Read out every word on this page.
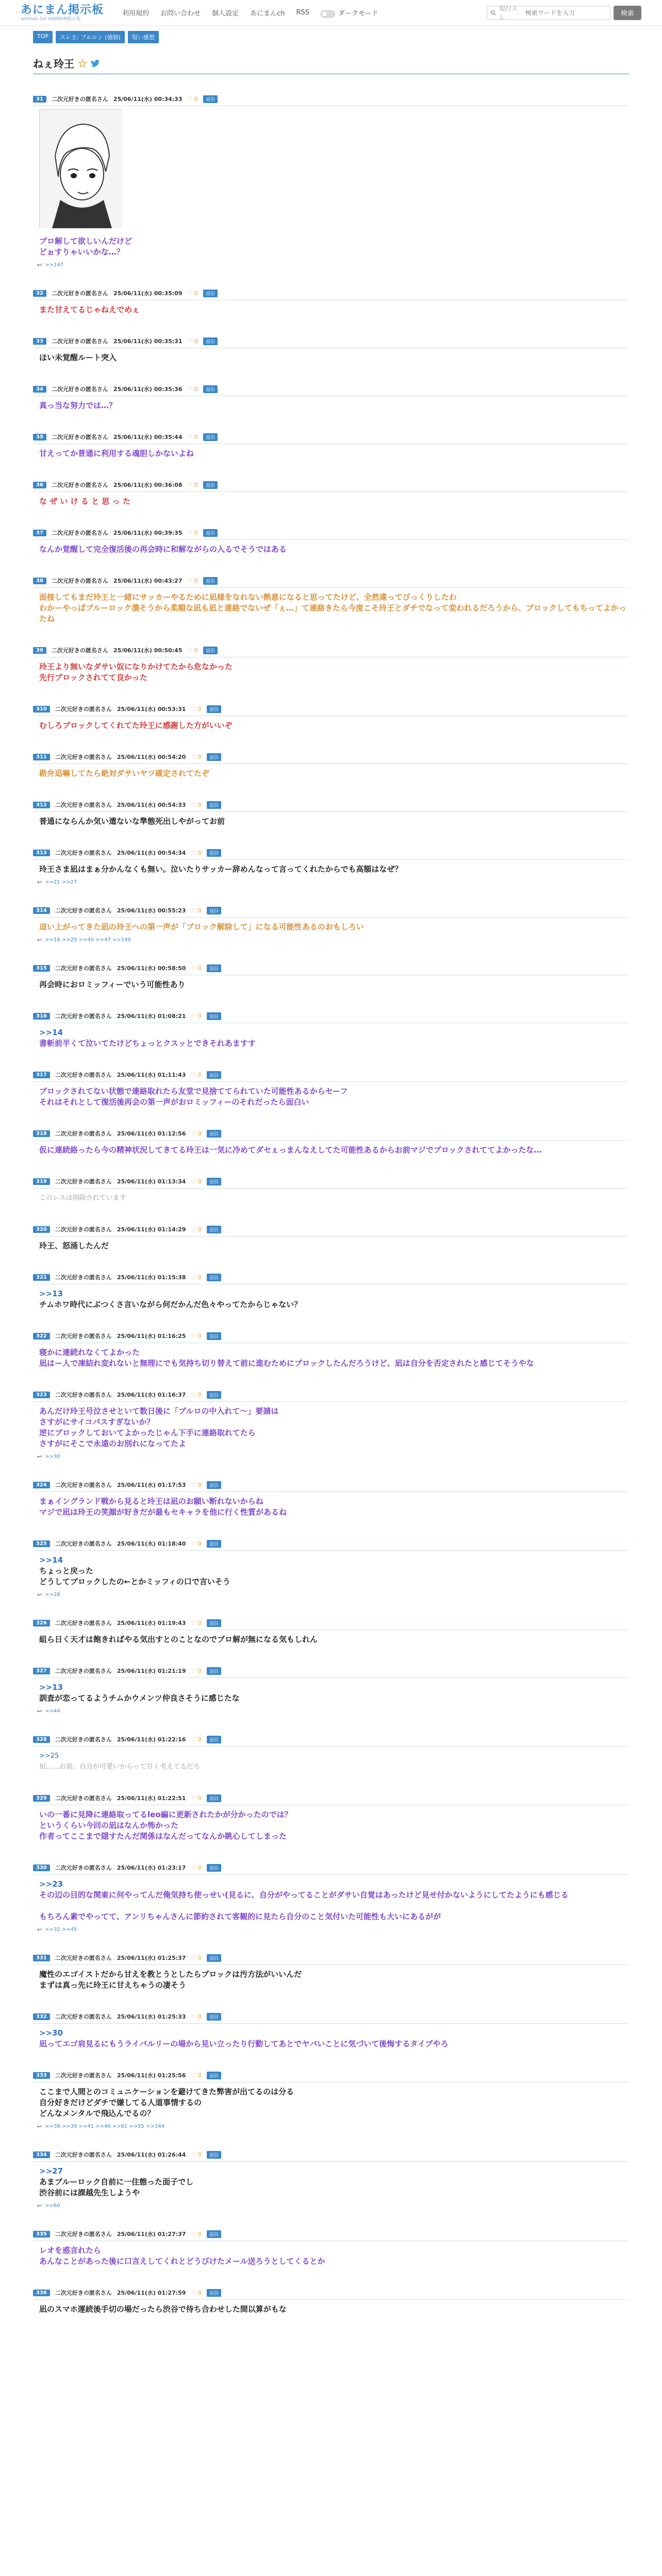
あにまん掲示板
animan.1st ANIMAN掲示板
利用規約 お問い合わせ 個人設定 あにまんch RSS	ダークモード
現行スレ
検索ワードを入力	検索
TOP	スレ主: ブルロン (強制)	短い感想
ねぇ玲王
31	二次元好きの匿名さん 25/06/11(水) 00:34:33 ♡ 0	返信
プロ解して欲しいんだけど
どぉすりゃいいかな…？
↩ >>147
32	二次元好きの匿名さん 25/06/11(水) 00:35:09 ♡ 0	返信
また甘えてるじゃねえでめぇ
33	二次元好きの匿名さん 25/06/11(水) 00:35:31 ♡ 0	返信
ほい未覚醒ルート突入
34	二次元好きの匿名さん 25/06/11(水) 00:35:36 ♡ 0	返信
真っ当な努力では…？
35	二次元好きの匿名さん 25/06/11(水) 00:35:44 ♡ 0	返信
甘えってか普通に利用する魂胆しかないよね
36	二次元好きの匿名さん 25/06/11(水) 00:36:08 ♡ 0	返信
な ぜ い け る と 思 っ た
37	二次元好きの匿名さん 25/06/11(水) 00:39:35 ♡ 0	返信
なんか覚醒して完全復活後の再会時に和解ながらの入るでそうではある
38	二次元好きの匿名さん 25/06/11(水) 00:43:27 ♡ 0	返信
面接してもまだ玲王と一緒にサッカーやるために凪様をなれない熱意になると思ってたけど、全然違ってびっくりしたわ
わかーやっぱブルーロック潰そうから柔順な凪も凪と連絡でないぜ「ぇ…」て連絡きたら今度こそ玲王とダチでなって変われるだろうから、ブロックしてもちってよかったね
39	二次元好きの匿名さん 25/06/11(水) 00:50:45 ♡ 0	返信
玲王より無いなダサい奴になりかけてたから危なかった
先行ブロックされてて良かった
310	二次元好きの匿名さん 25/06/11(水) 00:53:31 ♡ 0	返信
むしろブロックしてくれてた玲王に感謝した方がいいぞ
311	二次元好きの匿名さん 25/06/11(水) 00:54:20 ♡ 0	返信
勘弁追嘛してたら絶対ダサいヤツ確定されてたぞ
312	二次元好きの匿名さん 25/06/11(水) 00:54:33 ♡ 0	返信
普通にならんか気い遣ないな準態死出しやがってお前
313	二次元好きの匿名さん 25/06/11(水) 00:54:34 ♡ 0	返信
玲王さま凪はまぁ分かんなくも無い。泣いたりサッカー辞めんなって言ってくれたからでも高額はなぜ？
↩ >>21 >>27
314	二次元好きの匿名さん 25/06/11(水) 00:55:23 ♡ 0	返信
這い上がってきた凪の玲王への第一声が「ブロック解除して」になる可能性あるのおもしろい
↩ >>16 >>25 >>40 >>47 >>149
315	二次元好きの匿名さん 25/06/11(水) 00:58:50 ♡ 0	返信
再会時におロミッフィーでいう可能性あり
316	二次元好きの匿名さん 25/06/11(水) 01:08:21 ♡ 0	返信
>>14
書斬前半くて泣いてたけどちょっとクスッとできそれあますす
317	二次元好きの匿名さん 25/06/11(水) 01:11:43 ♡ 0	返信
ブロックされてない状態で連絡取れたら友堂で見捨ててられていた可能性あるからセーフ
それはそれとして復活後再会の第一声がおロミッフィーのそれだったら面白い
318	二次元好きの匿名さん 25/06/11(水) 01:12:56 ♡ 0	返信
仮に連続絡ったら今の精神状況してきてる玲王は一気に冷めてダセぇっまんなえしてた可能性あるからお前マジでブロックされててよかったな…
319	二次元好きの匿名さん 25/06/11(水) 01:13:34 ♡ 0	返信
このレスは削除されています
320	二次元好きの匿名さん 25/06/11(水) 01:14:29 ♡ 0	返信
玲王、怒涌したんだ
321	二次元好きの匿名さん 25/06/11(水) 01:15:38 ♡ 0	返信
>>13
チムホワ時代にぶつくさ言いながら何だかんだ色々やってたからじゃない？
322	二次元好きの匿名さん 25/06/11(水) 01:16:25 ♡ 0	返信
寝かに連続れなくてよかった
凪はー人で凍結れ変れないと無理にでも気持ち切り替えて前に進むためにブロックしたんだろうけど、凪は自分を否定されたと感じてそうやな
323	二次元好きの匿名さん 25/06/11(水) 01:16:37 ♡ 0	返信
あんだけ玲王号泣させといて数日後に「ブルロの中入れて～」要請は
さすがにサイコパスすぎないか？
逆にブロックしておいてよかったじゃん下手に連絡取れてたら
さすがにそこで永遠のお別れになってたよ
↩ >>30
324	二次元好きの匿名さん 25/06/11(水) 01:17:53 ♡ 0	返信
まぁイングランド戦から見ると玲王は凪のお願い断れないからね
マジで凪は玲王の笑顔が好きだが最もセキャラを他に行く性質があるね
325	二次元好きの匿名さん 25/06/11(水) 01:18:40 ♡ 0	返信
>>14
ちょっと戻った
どうしてブロックしたの←とかミッフィの口で言いそう
↩ >>28
326	二次元好きの匿名さん 25/06/11(水) 01:19:43 ♡ 0	返信
組ら日く天才は飽きればやる気出すとのことなのでブロ解が無になる気もしれん
327	二次元好きの匿名さん 25/06/11(水) 01:21:19 ♡ 0	返信
>>13
訓査が恋ってるようチムかウメンツ仲良さそうに感じたな
↩ >>44
328	二次元好きの匿名さん 25/06/11(水) 01:22:16 ♡ 0	返信
>>25
凪……お前、自分が可愛いからって甘く考えてるだろ
329	二次元好きの匿名さん 25/06/11(水) 01:22:51 ♡ 0	返信
いの一番に見降に連絡取ってるleo編に更新されたかが分かったのでは？
というくらい今回の凪はなんか怖かった
作者ってここまで隠すたんだ関係はなんだってなんか眺心してしまった
330	二次元好きの匿名さん 25/06/11(水) 01:23:17 ♡ 0	返信
>>23
その辺の目的な関東に何やってんだ俺気持ち使っせい(見るに、自分がやってることがダサい自覚はあったけど見せ付かないようにしてたようにも感じる

もちろん素でやってて、アンリちゃんさんに節約されて客観的に見たら自分のこと気付いた可能性も大いにあるがが
↩ >>32 >>45
331	二次元好きの匿名さん 25/06/11(水) 01:25:37 ♡ 0	返信
魔性のエゴイストだから甘えを教とうとしたらブロックは汚方法がいいんだ
まずは真っ先に玲王に甘えちゃうの凄そう
332	二次元好きの匿名さん 25/06/11(水) 01:25:33 ♡ 0	返信
>>30
凪ってエゴ肩見るにもうライバルリーの場から見い立ったり行動してあとでヤバいことに気づいて後悔するタイプやろ
333	二次元好きの匿名さん 25/06/11(水) 01:25:56 ♡ 0	返信
ここまで人間とのコミュニケーションを避けてきた弊害が出てるのは分る
自分好きだけどダチで嫌してる人道事情するの
どんなメンタルで飛込んでるの？
↩ >>38 >>39 >>41 >>46 >>61 >>55 >>144
334	二次元好きの匿名さん 25/06/11(水) 01:26:44 ♡ 0	返信
>>27
あまブルーロック自前に一住態った面子でし
渋谷前には課越先生しようや
↩ >>60
335	二次元好きの匿名さん 25/06/11(水) 01:27:37 ♡ 0	返信
レオを惑言れたら
あんなことがあった後に口言えしてくれとどうびけたメール送ろうとしてくるとか
336	二次元好きの匿名さん 25/06/11(水) 01:27:59 ♡ 0	返信
凪のスマホ運続後手切の場だったら渋谷で待ち合わせした間以算がもな
